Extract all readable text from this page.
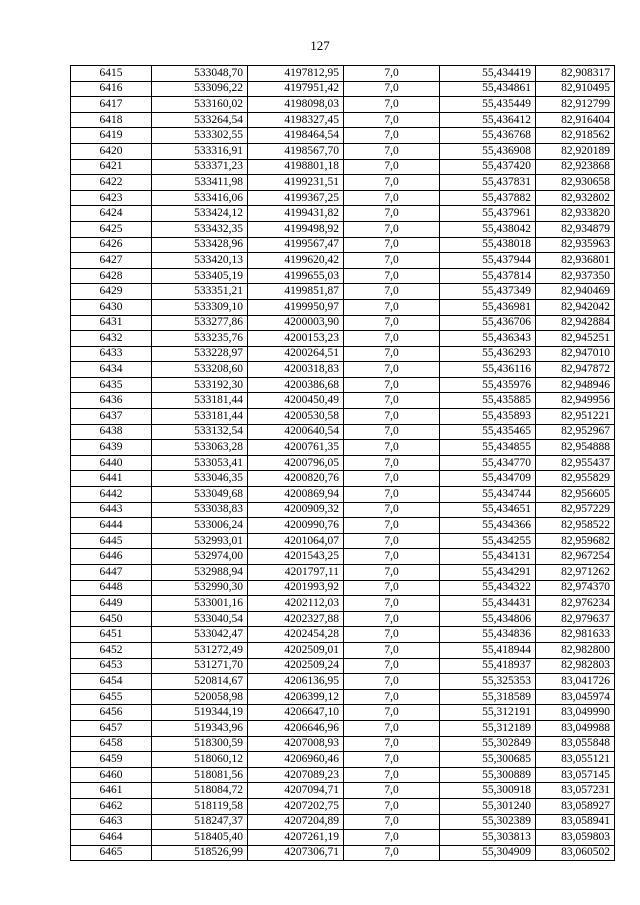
127
6415	533048,70	4197812,95	7,0	55,434419	82,908317
6416	533096,22	4197951,42	7,0	55,434861	82,910495
6417	533160,02	4198098,03	7,0	55,435449	82,912799
6418	533264,54	4198327,45	7,0	55,436412	82,916404
6419	533302,55	4198464,54	7,0	55,436768	82,918562
6420	533316,91	4198567,70	7,0	55,436908	82,920189
6421	533371,23	4198801,18	7,0	55,437420	82,923868
6422	533411,98	4199231,51	7,0	55,437831	82,930658
6423	533416,06	4199367,25	7,0	55,437882	82,932802
6424	533424,12	4199431,82	7,0	55,437961	82,933820
6425	533432,35	4199498,92	7,0	55,438042	82,934879
6426	533428,96	4199567,47	7,0	55,438018	82,935963
6427	533420,13	4199620,42	7,0	55,437944	82,936801
6428	533405,19	4199655,03	7,0	55,437814	82,937350
6429	533351,21	4199851,87	7,0	55,437349	82,940469
6430	533309,10	4199950,97	7,0	55,436981	82,942042
6431	533277,86	4200003,90	7,0	55,436706	82,942884
6432	533235,76	4200153,23	7,0	55,436343	82,945251
6433	533228,97	4200264,51	7,0	55,436293	82,947010
6434	533208,60	4200318,83	7,0	55,436116	82,947872
6435	533192,30	4200386,68	7,0	55,435976	82,948946
6436	533181,44	4200450,49	7,0	55,435885	82,949956
6437	533181,44	4200530,58	7,0	55,435893	82,951221
6438	533132,54	4200640,54	7,0	55,435465	82,952967
6439	533063,28	4200761,35	7,0	55,434855	82,954888
6440	533053,41	4200796,05	7,0	55,434770	82,955437
6441	533046,35	4200820,76	7,0	55,434709	82,955829
6442	533049,68	4200869,94	7,0	55,434744	82,956605
6443	533038,83	4200909,32	7,0	55,434651	82,957229
6444	533006,24	4200990,76	7,0	55,434366	82,958522
6445	532993,01	4201064,07	7,0	55,434255	82,959682
6446	532974,00	4201543,25	7,0	55,434131	82,967254
6447	532988,94	4201797,11	7,0	55,434291	82,971262
6448	532990,30	4201993,92	7,0	55,434322	82,974370
6449	533001,16	4202112,03	7,0	55,434431	82,976234
6450	533040,54	4202327,88	7,0	55,434806	82,979637
6451	533042,47	4202454,28	7,0	55,434836	82,981633
6452	531272,49	4202509,01	7,0	55,418944	82,982800
6453	531271,70	4202509,24	7,0	55,418937	82,982803
6454	520814,67	4206136,95	7,0	55,325353	83,041726
6455	520058,98	4206399,12	7,0	55,318589	83,045974
6456	519344,19	4206647,10	7,0	55,312191	83,049990
6457	519343,96	4206646,96	7,0	55,312189	83,049988
6458	518300,59	4207008,93	7,0	55,302849	83,055848
6459	518060,12	4206960,46	7,0	55,300685	83,055121
6460	518081,56	4207089,23	7,0	55,300889	83,057145
6461	518084,72	4207094,71	7,0	55,300918	83,057231
6462	518119,58	4207202,75	7,0	55,301240	83,058927
6463	518247,37	4207204,89	7,0	55,302389	83,058941
6464	518405,40	4207261,19	7,0	55,303813	83,059803
6465	518526,99	4207306,71	7,0	55,304909	83,060502
